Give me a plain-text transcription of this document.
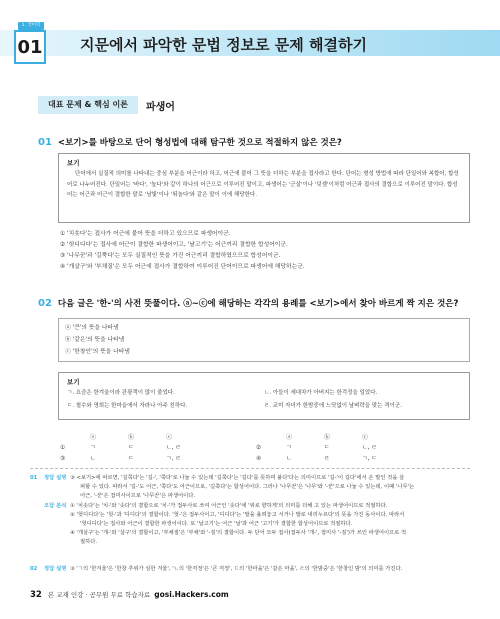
1. 국어학
01 지문에서 파악한 문법 정보로 문제 해결하기
대표 문제 & 핵심 이론	파생어
01 <보기>를 바탕으로 단어 형성법에 대해 탐구한 것으로 적절하지 않은 것은?
보기
단어에서 실질적 의미를 나타내는 중심 부분을 어근이라 하고, 어근에 붙어 그 뜻을 더하는 부분을 접사라고 한다. 단어는 형성 방법에 따라 단일어와 복합어, 합성어로 나누어진다. 단일어는 '바다', '높다'와 같이 하나의 어근으로 이루어진 말이고, 파생어는 '군살'이나 '덧셈'이처럼 어근과 접사의 결합으로 이루어진 말이다. 합성어는 어근과 어근이 결합한 말로 '남빛'이나 '뛰놀다'와 같은 말이 이에 해당한다.
① '치솟다'는 접사가 어근에 붙어 뜻을 더하고 있으므로 파생어이군.
② '헛디디다'는 접사에 어근이 결합한 파생어이고, '날고기'는 어근끼리 결합한 합성어이군.
③ '나무꾼'과 '길쭉다'는 모두 실질적인 뜻을 가진 어근끼리 결합하였으므로 합성어이군.
④ '개살구'와 '부채질'은 모두 어근에 접사가 결합하여 이루어진 단어이므로 파생어에 해당하는군.
02 다음 글은 '한-'의 사전 뜻풀이다. ⓐ~ⓒ에 해당하는 각각의 용례를 <보기>에서 찾아 바르게 짝 지은 것은?
ⓐ '큰'의 뜻을 나타냄
ⓑ '같은'의 뜻을 나타냄
ⓒ '한창인'의 뜻을 나타냄
보기
ㄱ. 요즘은 한겨울이라 관광객이 많이 줄었다.	ㄴ. 아들이 세대차가 아버지는 한걱정을 덜었다.
ㄷ. 철수와 영희는 한마을에서 자라나 아주 친하다.	ㄹ. 교미 자녀가 한밤중에 느닷없이 날벼락을 맞는 격이군.
ⓐ	ⓑ	ⓒ
①	ㄱ	ㄷ	ㄴ, ㄹ
③	ㄴ	ㄷ	ㄱ, ㄹ
ⓐ	ⓑ	ⓒ
②	ㄱ	ㄷ	ㄴ, ㄹ
④	ㄴ	ㄹ	ㄱ, ㄷ
01	정답 설명 ③ <보기>에 따르면, '길쭉다'는 '길-', '쭉다'로 나눌 수 있는데 '길쭉다'는 '길다'를 뜻하며 붙다'다는 의미이므로 '길-'이 길다'에서 온 말인 것을 살
펴할 수 있다. 따라서 '길-'도 어근, '쭉다'도 어근이므로, '길쭉다'는 합성어이다. 그러나 '나무꾼'은 '나무'와 '-꾼'으로 나눌 수 있는데, 이때 '나무'는
어근, '-꾼'은 접미사이므로 '나무꾼'은 파생어이다.
오답 분석 ① '치솟다'는 '치-'와 '솟다'의 결합으로 '치-'가 접두사로 쓰여 어근인 '솟다'에 '위로 향하게'의 의미를 더해 고 있는 파생어이므로 적절하다.
② '헛디디다'는 '헛-'과 '디디다'의 결합이다. '헛-'은 접두사이고, '디디다'는 '발을 올려놓고 서거나 발로 내리누르다'의 뜻을 가진 동사이다. 따라서
'헛디디다'는 접사와 어근이 결합한 파생어이다. 또 '날고기'는 어근 '날'과 어근 '고기'가 결합한 합성어이므로 적절하다.
④ '개살구'는 '개-'와 '살구'의 결합이고, '부채질'은 '부채'와 '-질'의 결합이다. 두 단어 모두 접사(접두사 '개-', 접미사 '-질')가 쓰인 파생어이므로 적
절하다.
02	정답 설명 ③ 'ㄱ의 '한겨울'은 '한창 추위가 심한 겨울', 'ㄴ의 '한걱정'은 '큰 걱정', ㄷ의 '한마을'은 '같은 마을', ㄹ의 '한밤중'은 '한창인 밤'의 의미를 가진다.
32 본 교재 인강 · 공무원 무료 학습자료 gosi.Hackers.com
